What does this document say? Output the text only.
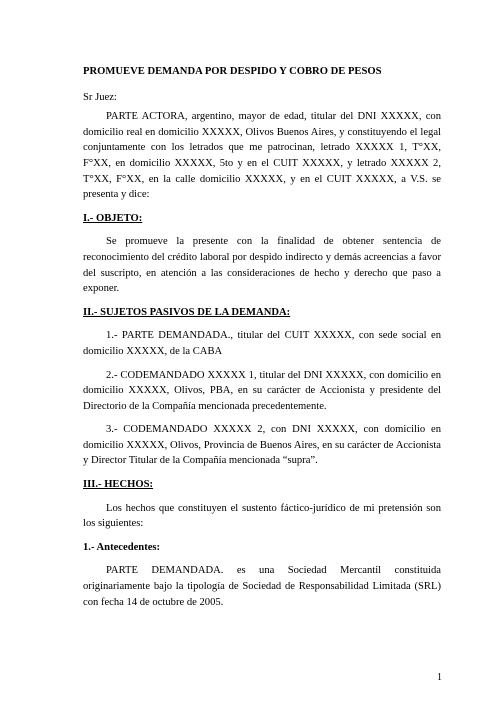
PROMUEVE DEMANDA POR DESPIDO Y COBRO DE PESOS

Sr Juez:

PARTE ACTORA, argentino, mayor de edad, titular del DNI XXXXX, con domicilio real en domicilio XXXXX, Olivos Buenos Aires, y constituyendo el legal conjuntamente con los letrados que me patrocinan, letrado XXXXX 1, T°XX, F°XX, en domicilio XXXXX, 5to y en el CUIT XXXXX, y letrado XXXXX 2, T°XX, F°XX, en la calle domicilio XXXXX, y en el CUIT XXXXX, a V.S. se presenta y dice:

I.- OBJETO:

Se promueve la presente con la finalidad de obtener sentencia de reconocimiento del crédito laboral por despido indirecto y demás acreencias a favor del suscripto, en atención a las consideraciones de hecho y derecho que paso a exponer.

II.- SUJETOS PASIVOS DE LA DEMANDA:

1.- PARTE DEMANDADA., titular del CUIT XXXXX, con sede social en domicilio XXXXX, de la CABA

2.- CODEMANDADO XXXXX 1, titular del DNI XXXXX, con domicilio en domicilio XXXXX, Olivos, PBA, en su carácter de Accionista y presidente del Directorio de la Compañía mencionada precedentemente.

3.- CODEMANDADO XXXXX 2, con DNI XXXXX, con domicilio en domicilio XXXXX, Olivos, Provincia de Buenos Aires, en su carácter de Accionista y Director Titular de la Compañía mencionada “supra”.

III.- HECHOS:

Los hechos que constituyen el sustento fáctico-jurídico de mi pretensión son los siguientes:

1.- Antecedentes:

PARTE DEMANDADA. es una Sociedad Mercantil constituida originariamente bajo la tipología de Sociedad de Responsabilidad Limitada (SRL) con fecha 14 de octubre de 2005.

1
